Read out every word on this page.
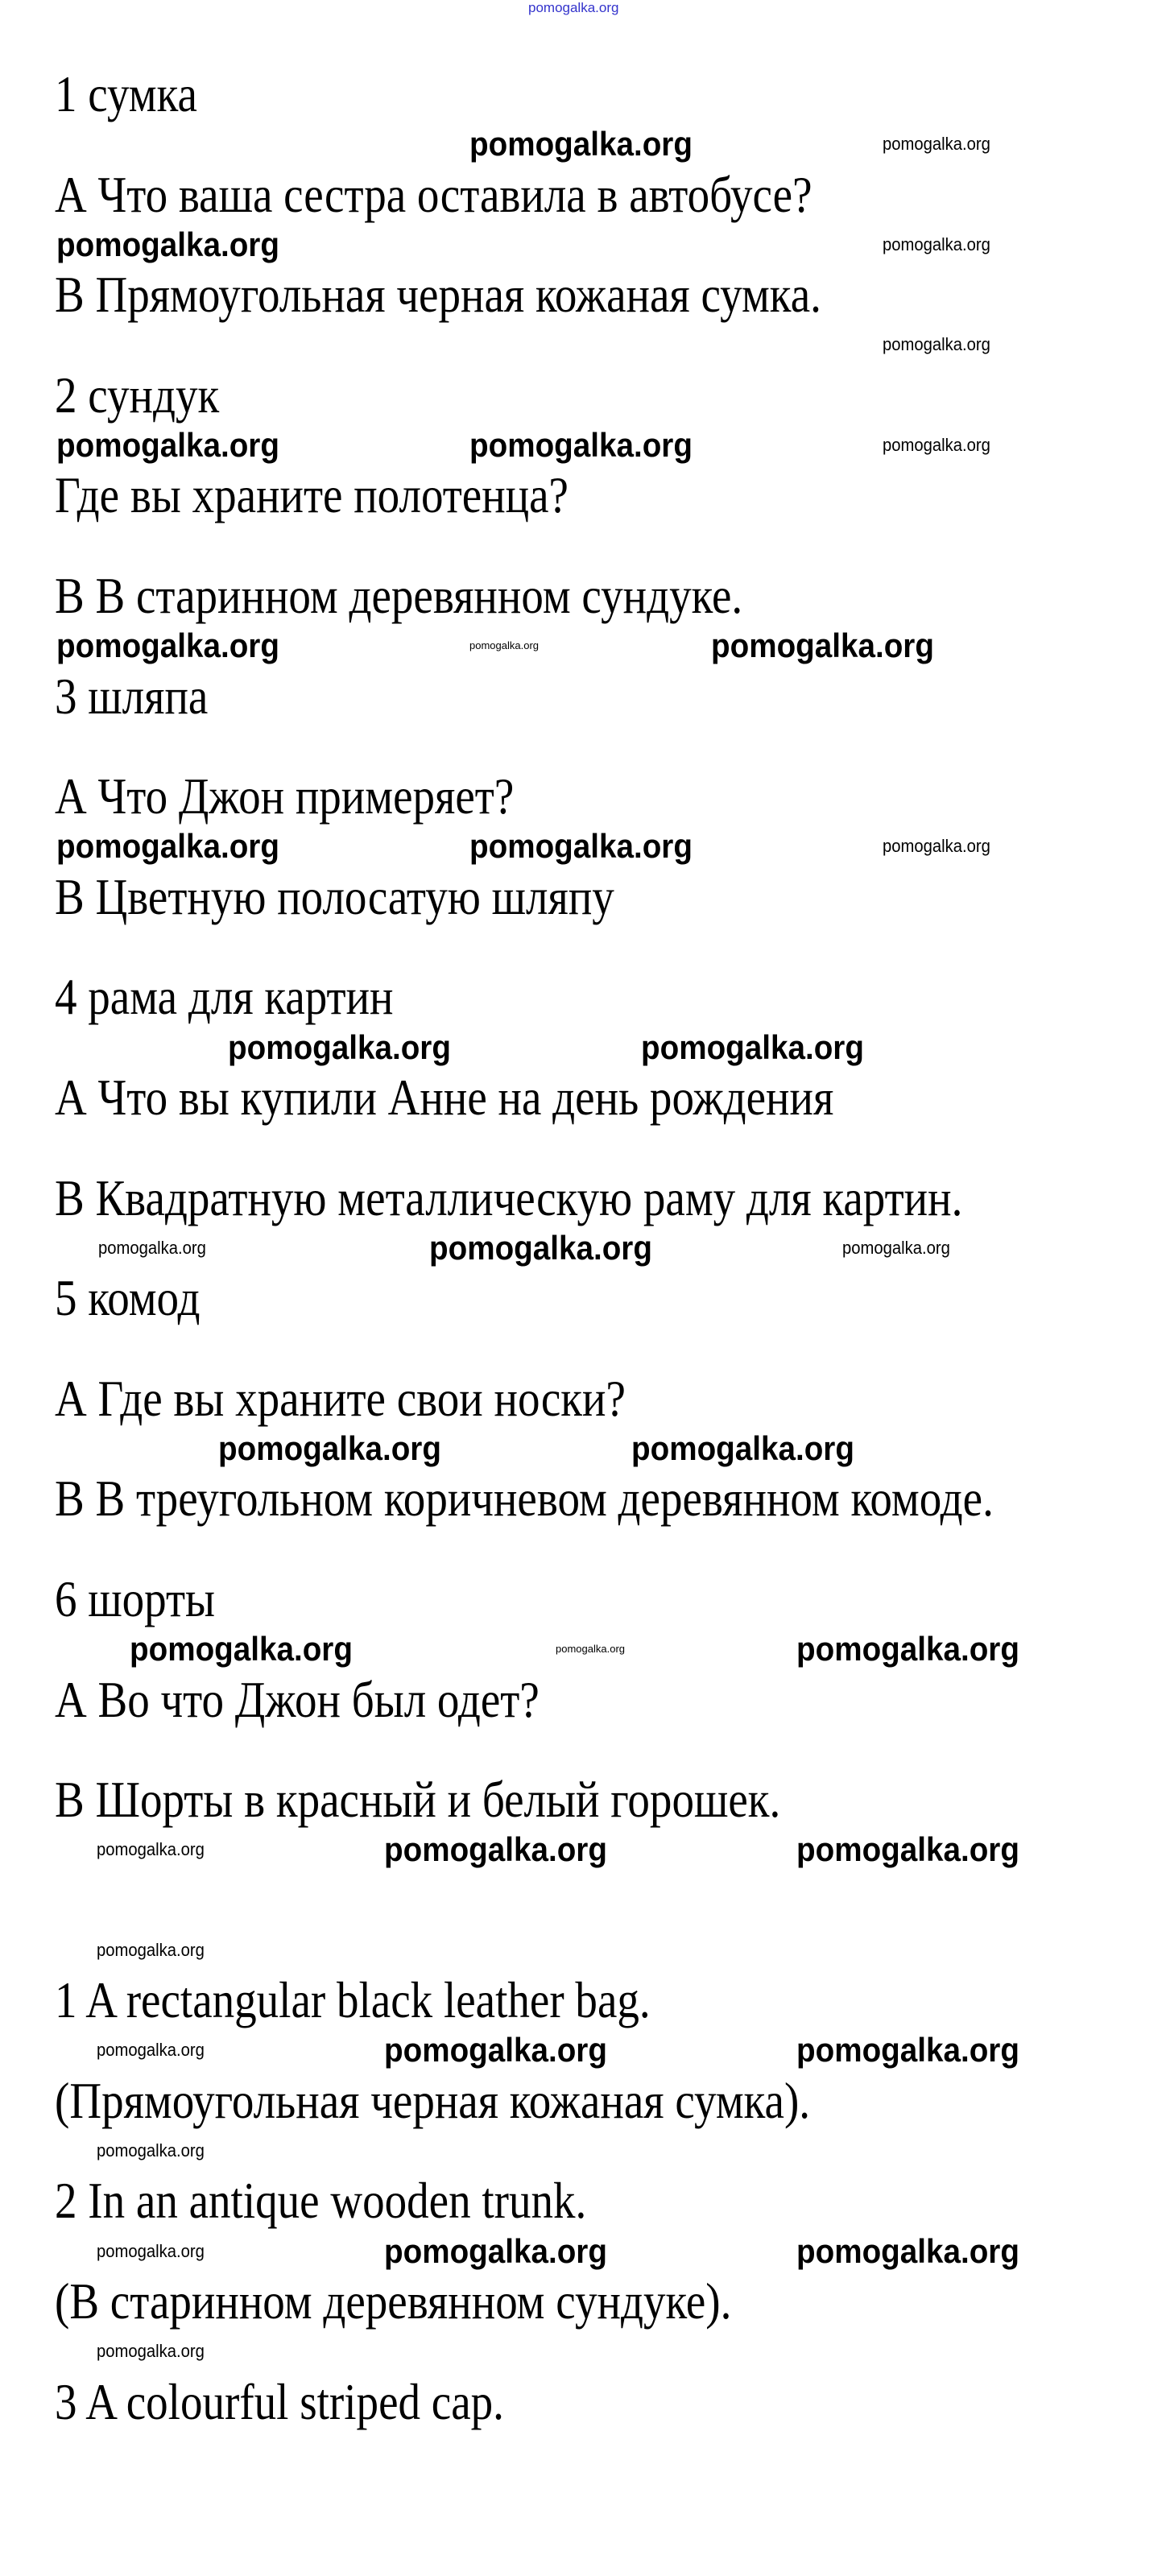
pomogalka.org
1 сумка
А Что ваша сестра оставила в автобусе?
В Прямоугольная черная кожаная сумка.
2 сундук
Где вы храните полотенца?
В В старинном деревянном сундуке.
3 шляпа
А Что Джон примеряет?
В Цветную полосатую шляпу
4 рама для картин
А Что вы купили Анне на день рождения
В Квадратную металлическую раму для картин.
5 комод
А Где вы храните свои носки?
В В треугольном коричневом деревянном комоде.
6 шорты
А Во что Джон был одет?
В Шорты в красный и белый горошек.
1 A rectangular black leather bag.
(Прямоугольная черная кожаная сумка).
2 In an antique wooden trunk.
(В старинном деревянном сундуке).
3 A colourful striped cap.
pomogalka.org
pomogalka.org
pomogalka.org
pomogalka.org
pomogalka.org
pomogalka.org
pomogalka.org
pomogalka.org
pomogalka.org	pomogalka.org
pomogalka.org
pomogalka.org	pomogalka.org
pomogalka.org	pomogalka.org
pomogalka.org	pomogalka.org
pomogalka.org	pomogalka.org
pomogalka.org	pomogalka.org
pomogalka.org
pomogalka.org
pomogalka.org
pomogalka.org
pomogalka.org
pomogalka.org
pomogalka.org
pomogalka.org
pomogalka.org
pomogalka.org
pomogalka.org
pomogalka.org
pomogalka.org
pomogalka.org
pomogalka.org
